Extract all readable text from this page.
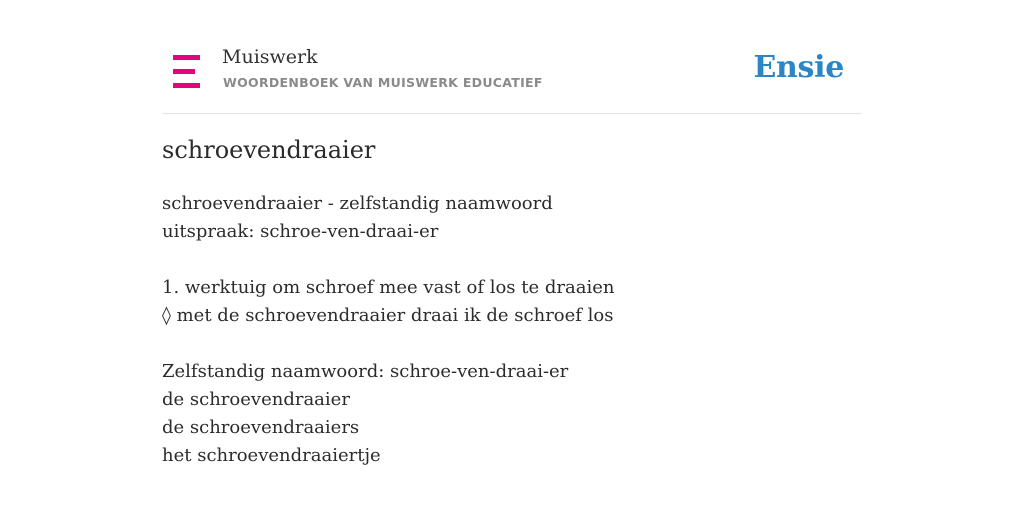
Muiswerk
WOORDENBOEK VAN MUISWERK EDUCATIEF	Ensie
schroevendraaier
schroevendraaier - zelfstandig naamwoord
uitspraak: schroe-ven-draai-er
1. werktuig om schroef mee vast of los te draaien
◊ met de schroevendraaier draai ik de schroef los
Zelfstandig naamwoord: schroe-ven-draai-er
de schroevendraaier
de schroevendraaiers
het schroevendraaiertje
